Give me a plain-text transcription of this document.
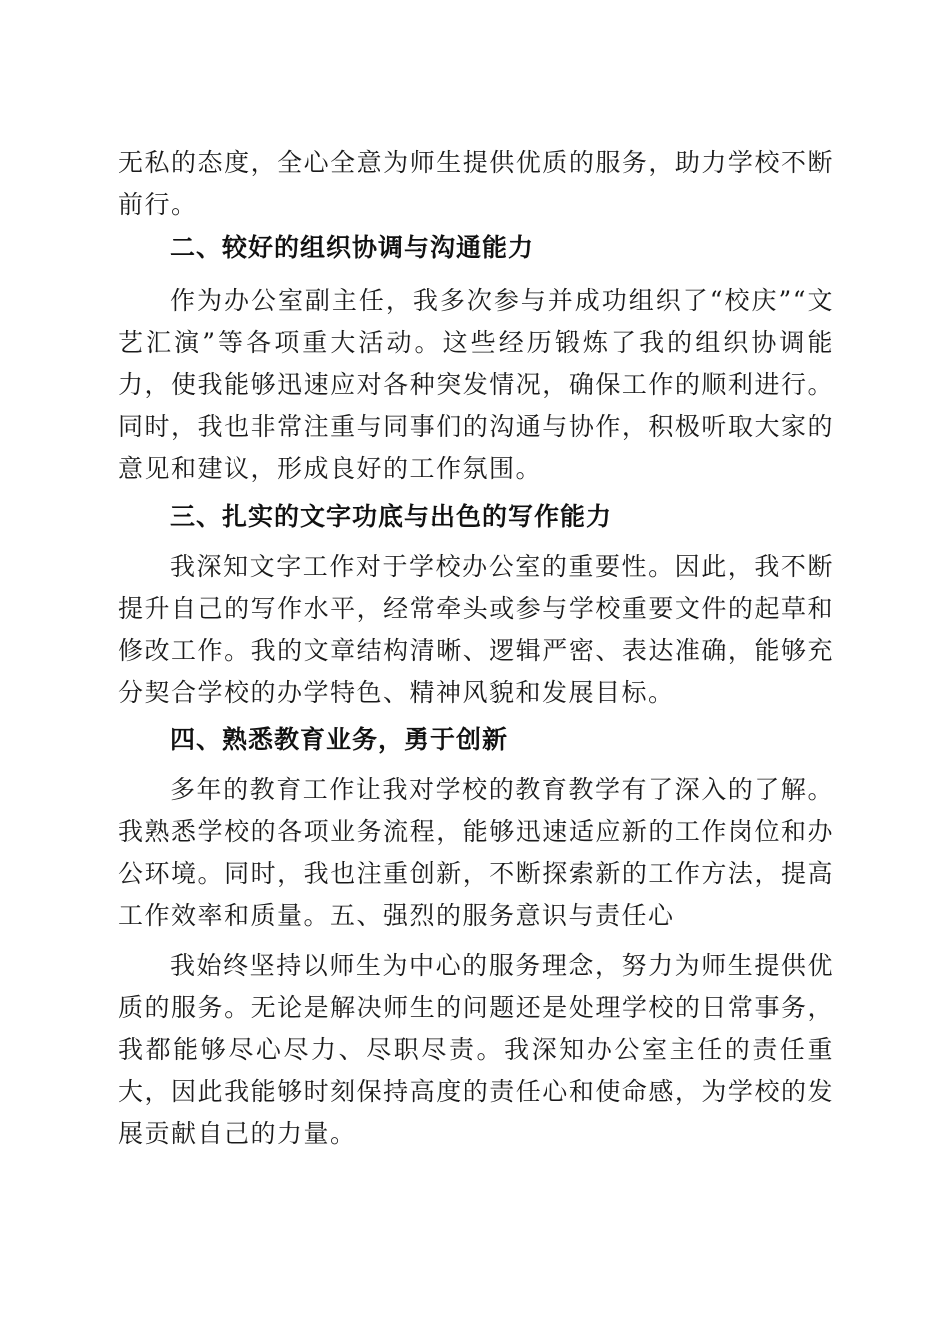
无私的态度，全心全意为师生提供优质的服务，助力学校不断前行。

二、较好的组织协调与沟通能力

作为办公室副主任，我多次参与并成功组织了“校庆”“文艺汇演”等各项重大活动。这些经历锻炼了我的组织协调能力，使我能够迅速应对各种突发情况，确保工作的顺利进行。同时，我也非常注重与同事们的沟通与协作，积极听取大家的意见和建议，形成良好的工作氛围。

三、扎实的文字功底与出色的写作能力

我深知文字工作对于学校办公室的重要性。因此，我不断提升自己的写作水平，经常牵头或参与学校重要文件的起草和修改工作。我的文章结构清晰、逻辑严密、表达准确，能够充分契合学校的办学特色、精神风貌和发展目标。

四、熟悉教育业务，勇于创新

多年的教育工作让我对学校的教育教学有了深入的了解。我熟悉学校的各项业务流程，能够迅速适应新的工作岗位和办公环境。同时，我也注重创新，不断探索新的工作方法，提高工作效率和质量。五、强烈的服务意识与责任心

我始终坚持以师生为中心的服务理念，努力为师生提供优质的服务。无论是解决师生的问题还是处理学校的日常事务，我都能够尽心尽力、尽职尽责。我深知办公室主任的责任重大，因此我能够时刻保持高度的责任心和使命感，为学校的发展贡献自己的力量。
